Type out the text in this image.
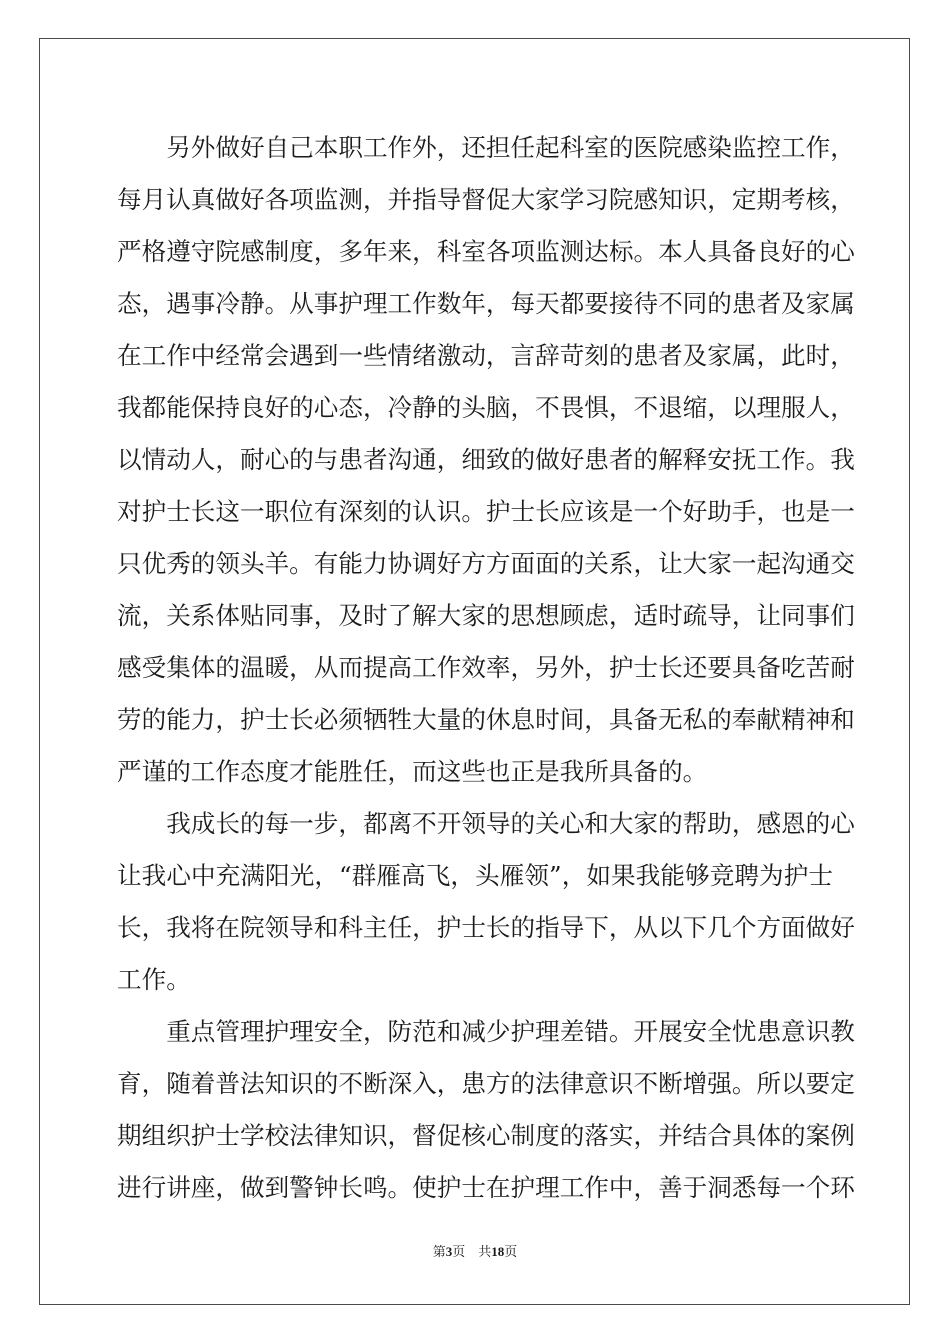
　　另外做好自己本职工作外，还担任起科室的医院感染监控工作，
每月认真做好各项监测，并指导督促大家学习院感知识，定期考核，
严格遵守院感制度，多年来，科室各项监测达标。本人具备良好的心
态，遇事冷静。从事护理工作数年，每天都要接待不同的患者及家属
在工作中经常会遇到一些情绪激动，言辞苛刻的患者及家属，此时，
我都能保持良好的心态，冷静的头脑，不畏惧，不退缩，以理服人，
以情动人，耐心的与患者沟通，细致的做好患者的解释安抚工作。我
对护士长这一职位有深刻的认识。护士长应该是一个好助手，也是一
只优秀的领头羊。有能力协调好方方面面的关系，让大家一起沟通交
流，关系体贴同事，及时了解大家的思想顾虑，适时疏导，让同事们
感受集体的温暖，从而提高工作效率，另外，护士长还要具备吃苦耐
劳的能力，护士长必须牺牲大量的休息时间，具备无私的奉献精神和
严谨的工作态度才能胜任，而这些也正是我所具备的。
　　我成长的每一步，都离不开领导的关心和大家的帮助，感恩的心
让我心中充满阳光，“群雁高飞，头雁领”，如果我能够竞聘为护士
长，我将在院领导和科主任，护士长的指导下，从以下几个方面做好
工作。
　　重点管理护理安全，防范和减少护理差错。开展安全忧患意识教
育，随着普法知识的不断深入，患方的法律意识不断增强。所以要定
期组织护士学校法律知识，督促核心制度的落实，并结合具体的案例
进行讲座，做到警钟长鸣。使护士在护理工作中，善于洞悉每一个环
第3页　共18页
